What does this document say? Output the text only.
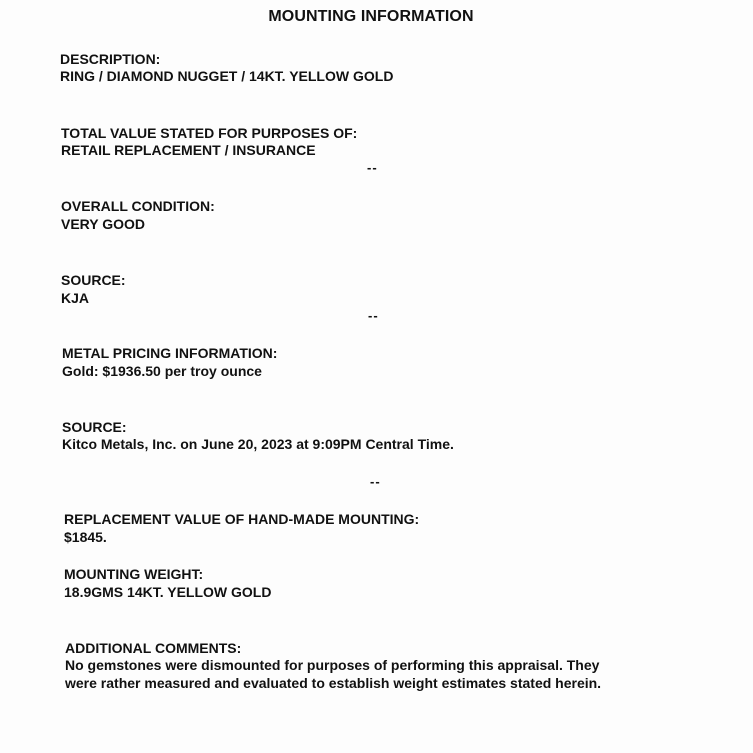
MOUNTING INFORMATION
DESCRIPTION:
RING / DIAMOND NUGGET / 14KT. YELLOW GOLD
TOTAL VALUE STATED FOR PURPOSES OF:
RETAIL REPLACEMENT / INSURANCE
--
OVERALL CONDITION:
VERY GOOD
SOURCE:
KJA
--
METAL PRICING INFORMATION:
Gold: $1936.50 per troy ounce
SOURCE:
Kitco Metals, Inc. on June 20, 2023 at 9:09PM Central Time.
--
REPLACEMENT VALUE OF HAND-MADE MOUNTING:
$1845.
MOUNTING WEIGHT:
18.9GMS 14KT. YELLOW GOLD
ADDITIONAL COMMENTS:
No gemstones were dismounted for purposes of performing this appraisal. They
were rather measured and evaluated to establish weight estimates stated herein.
